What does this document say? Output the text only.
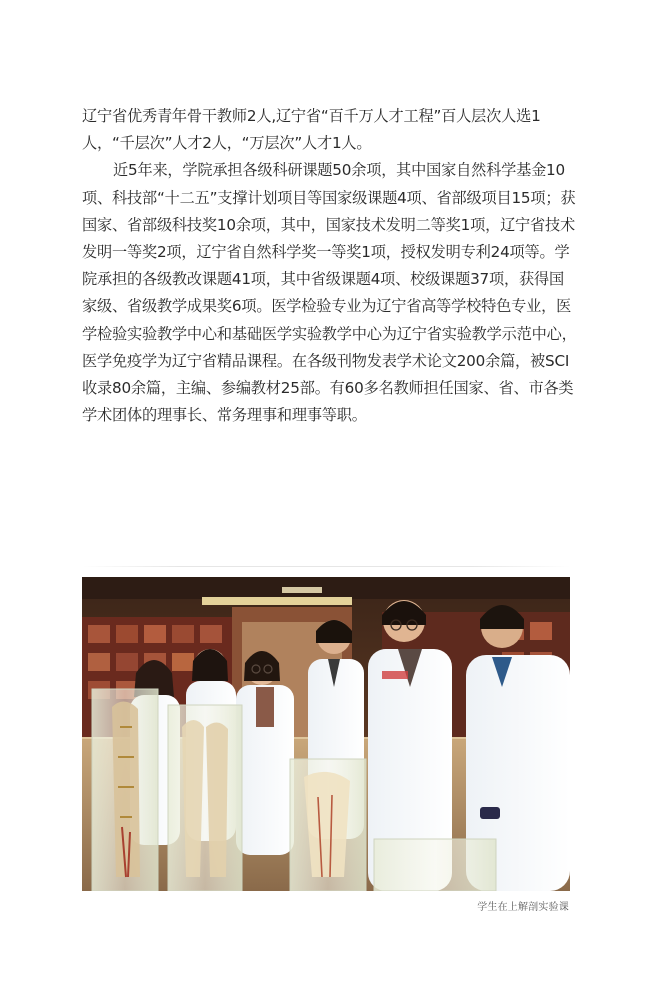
辽宁省优秀青年骨干教师2人,辽宁省“百千万人才工程”百人层次人选1人，“千层次”人才2人，“万层次”人才1人。

近5年来，学院承担各级科研课题50余项，其中国家自然科学基金10项、科技部“十二五”支撑计划项目等国家级课题4项、省部级项目15项；获国家、省部级科技奖10余项，其中，国家技术发明二等奖1项，辽宁省技术发明一等奖2项，辽宁省自然科学奖一等奖1项，授权发明专利24项等。学院承担的各级教改课题41项，其中省级课题4项、校级课题37项，获得国家级、省级教学成果奖6项。医学检验专业为辽宁省高等学校特色专业，医学检验实验教学中心和基础医学实验教学中心为辽宁省实验教学示范中心，医学免疫学为辽宁省精品课程。在各级刊物发表学术论文200余篇，被SCI收录80余篇，主编、参编教材25部。有60多名教师担任国家、省、市各类学术团体的理事长、常务理事和理事等职。

学生在上解剖实验课
